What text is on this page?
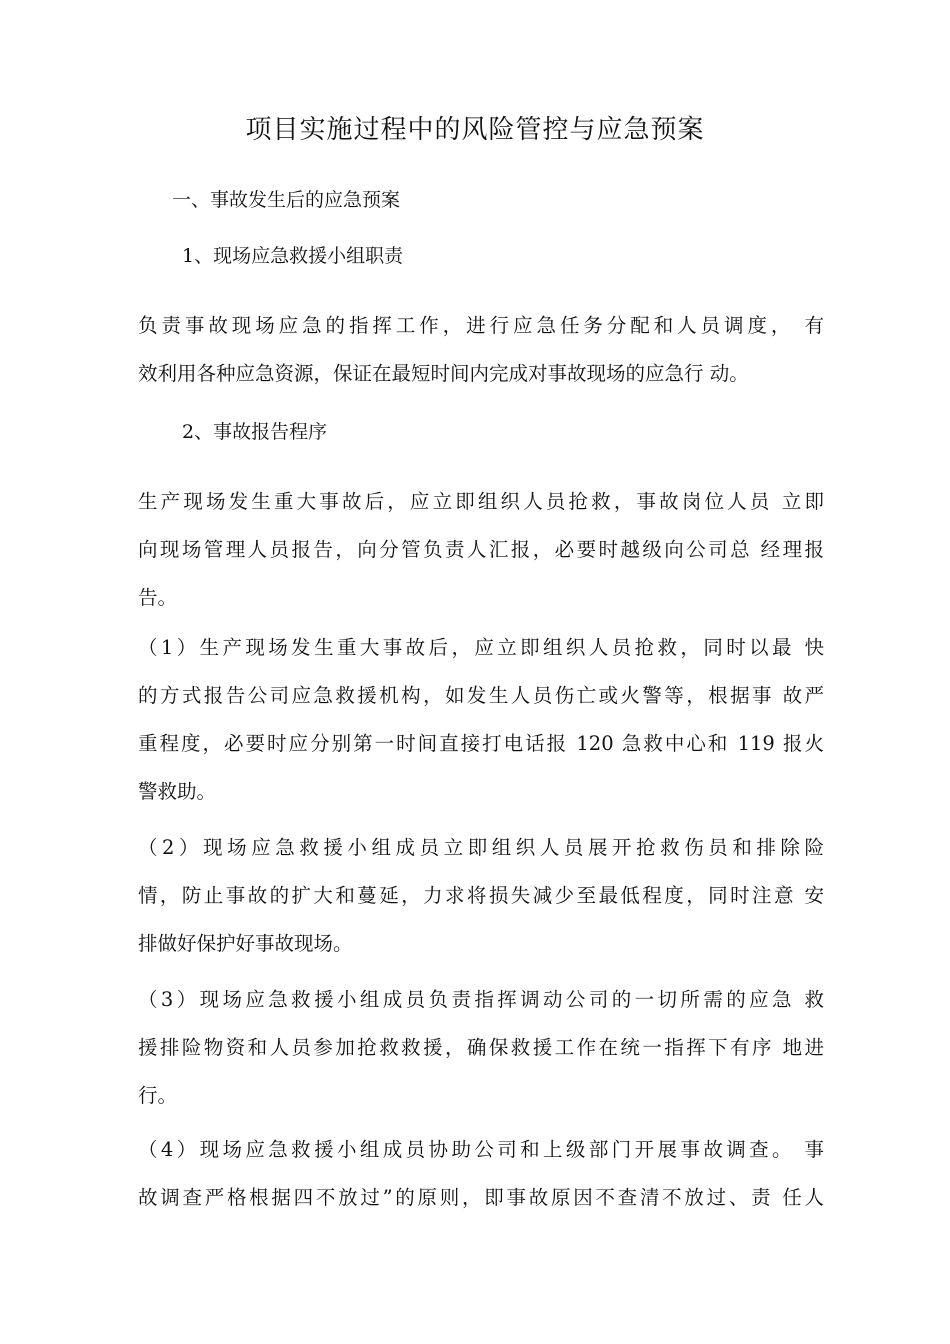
项目实施过程中的风险管控与应急预案
一、事故发生后的应急预案
1、现场应急救援小组职责
负责事故现场应急的指挥工作，进行应急任务分配和人员调度， 有
效利用各种应急资源，保证在最短时间内完成对事故现场的应急行 动。
2、事故报告程序
生产现场发生重大事故后，应立即组织人员抢救，事故岗位人员 立即
向现场管理人员报告，向分管负责人汇报，必要时越级向公司总 经理报
告。
（1）生产现场发生重大事故后，应立即组织人员抢救，同时以最 快
的方式报告公司应急救援机构，如发生人员伤亡或火警等，根据事 故严
重程度，必要时应分别第一时间直接打电话报 120 急救中心和 119 报火
警救助。
（2）现场应急救援小组成员立即组织人员展开抢救伤员和排除险
情，防止事故的扩大和蔓延，力求将损失减少至最低程度，同时注意 安
排做好保护好事故现场。
（3）现场应急救援小组成员负责指挥调动公司的一切所需的应急 救
援排险物资和人员参加抢救救援，确保救援工作在统一指挥下有序 地进
行。
（4）现场应急救援小组成员协助公司和上级部门开展事故调查。 事
故调查严格根据四不放过”的原则，即事故原因不查清不放过、责 任人
